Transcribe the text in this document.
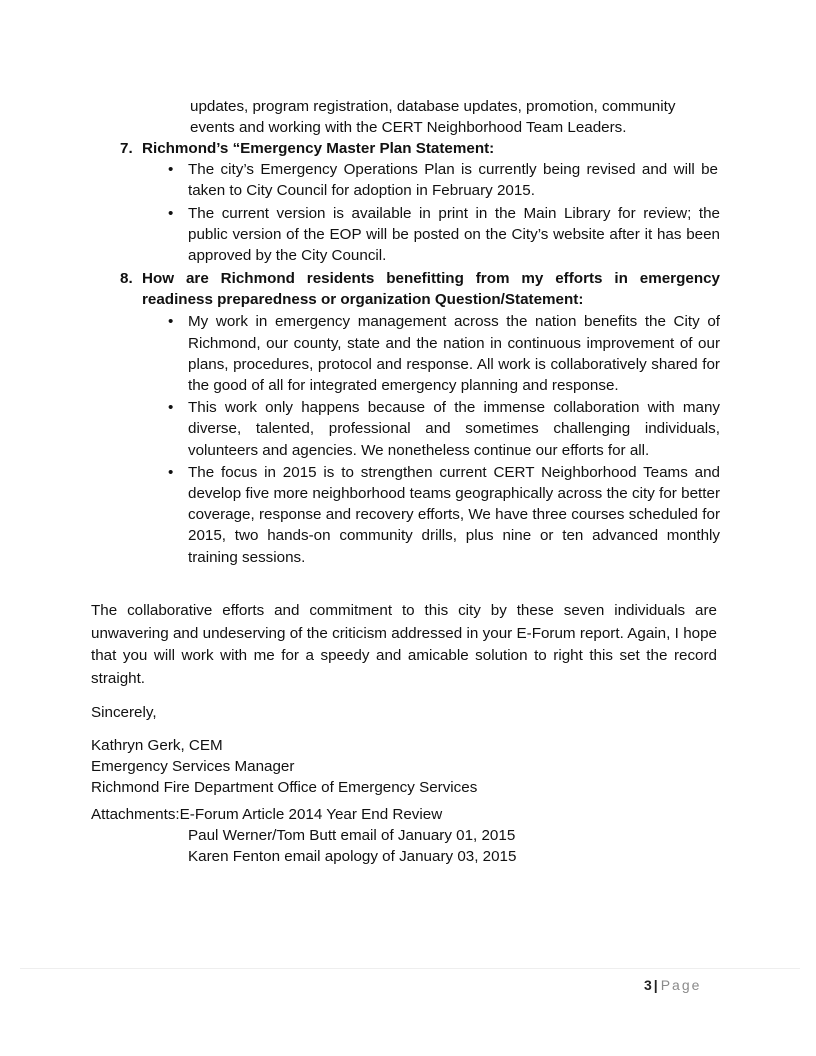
updates, program registration, database updates, promotion, community events and working with the CERT Neighborhood Team Leaders.

7. Richmond’s “Emergency Master Plan Statement:
• The city’s Emergency Operations Plan is currently being revised and will be taken to City Council for adoption in February 2015.
• The current version is available in print in the Main Library for review; the public version of the EOP will be posted on the City’s website after it has been approved by the City Council.
8. How are Richmond residents benefitting from my efforts in emergency readiness preparedness or organization Question/Statement:
• My work in emergency management across the nation benefits the City of Richmond, our county, state and the nation in continuous improvement of our plans, procedures, protocol and response. All work is collaboratively shared for the good of all for integrated emergency planning and response.
• This work only happens because of the immense collaboration with many diverse, talented, professional and sometimes challenging individuals, volunteers and agencies. We nonetheless continue our efforts for all.
• The focus in 2015 is to strengthen current CERT Neighborhood Teams and develop five more neighborhood teams geographically across the city for better coverage, response and recovery efforts, We have three courses scheduled for 2015, two hands-on community drills, plus nine or ten advanced monthly training sessions.

The collaborative efforts and commitment to this city by these seven individuals are unwavering and undeserving of the criticism addressed in your E-Forum report. Again, I hope that you will work with me for a speedy and amicable solution to right this set the record straight.

Sincerely,

Kathryn Gerk, CEM
Emergency Services Manager
Richmond Fire Department Office of Emergency Services
Attachments:E-Forum Article 2014 Year End Review
Paul Werner/Tom Butt email of January 01, 2015
Karen Fenton email apology of January 03, 2015
3 | Page
